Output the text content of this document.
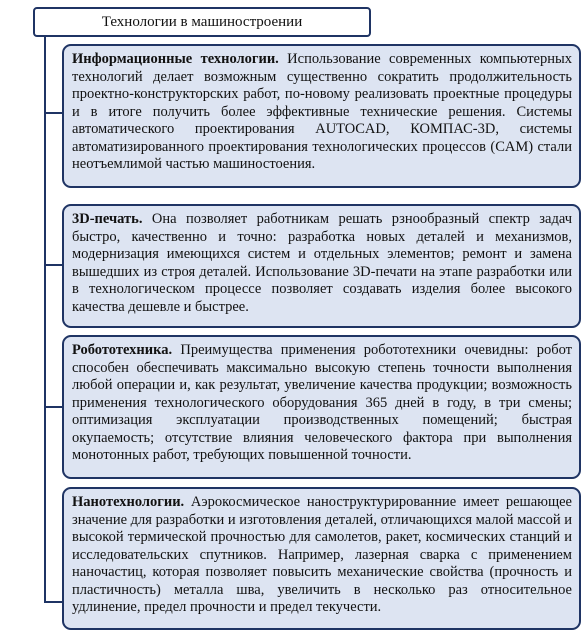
Технологии в машиностроении
Информационные технологии. Использование современных компьютерных технологий делает возможным существенно сократить продолжительность проектно-конструкторских работ, по-новому реализовать проектные процедуры и в итоге получить более эффективные технические решения. Системы автоматического проектирования AUTOCAD, КОМПАС-3D, системы автоматизированного проектирования технологических процессов (CAM) стали неотъемлимой частью машиностоения.
3D-печать. Она позволяет работникам решать рзнообразный спектр задач быстро, качественно и точно: разработка новых деталей и механизмов, модернизация имеющихся систем и отдельных элементов; ремонт и замена вышедших из строя деталей. Использование 3D-печати на этапе разработки или в технологическом процессе позволяет создавать изделия более высокого качества дешевле и быстрее.
Робототехника. Преимущества применения робототехники очевидны: робот способен обеспечивать максимально высокую степень точности выполнения любой операции и, как результат, увеличение качества продукции; возможность применения технологического оборудования 365 дней в году, в три смены; оптимизация эксплуатации производственных помещений; быстрая окупаемость; отсутствие влияния человеческого фактора при выполнения монотонных работ, требующих повышенной точности.
Нанотехнологии. Аэрокосмическое наноструктурированние имеет решающее значение для разработки и изготовления деталей, отличающихся малой массой и высокой термической прочностью для самолетов, ракет, космических станций и исследовательских спутников. Например, лазерная сварка с применением наночастиц, которая позволяет повысить механические свойства (прочность и пластичность) металла шва, увеличить в несколько раз относительное удлинение, предел прочности и предел текучести.
